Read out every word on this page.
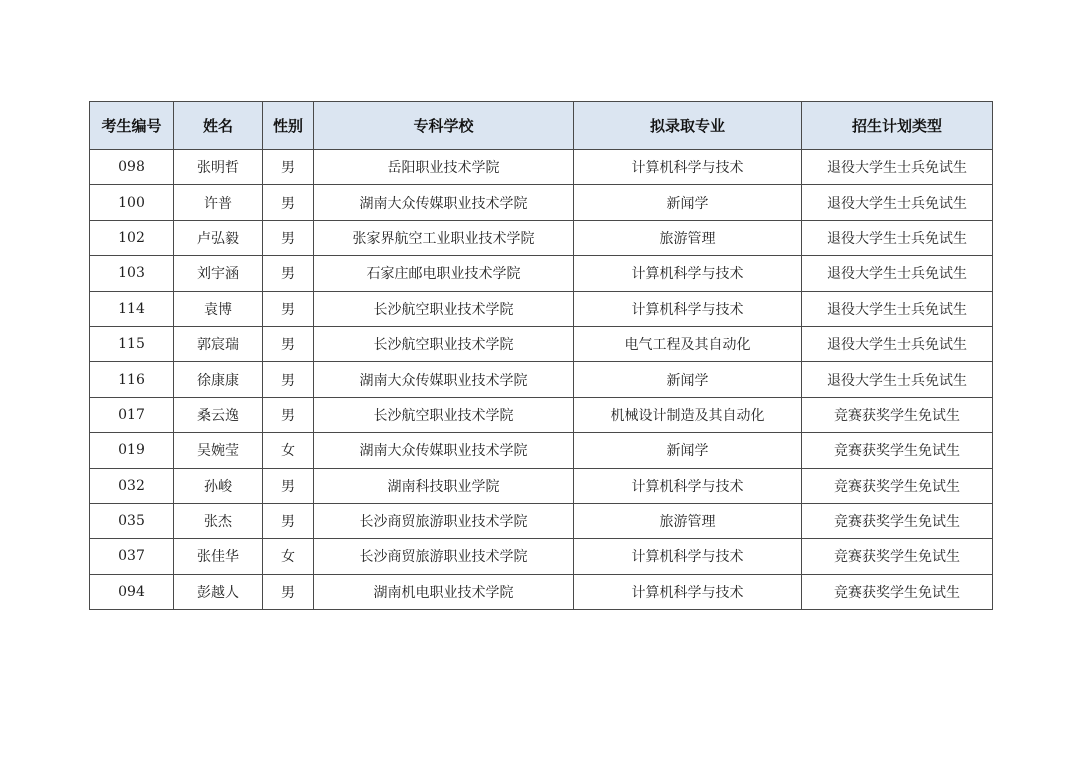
考生编号	姓名	性别	专科学校	拟录取专业	招生计划类型
098	张明哲	男	岳阳职业技术学院	计算机科学与技术	退役大学生士兵免试生
100	许普	男	湖南大众传媒职业技术学院	新闻学	退役大学生士兵免试生
102	卢弘毅	男	张家界航空工业职业技术学院	旅游管理	退役大学生士兵免试生
103	刘宇涵	男	石家庄邮电职业技术学院	计算机科学与技术	退役大学生士兵免试生
114	袁博	男	长沙航空职业技术学院	计算机科学与技术	退役大学生士兵免试生
115	郭宸瑞	男	长沙航空职业技术学院	电气工程及其自动化	退役大学生士兵免试生
116	徐康康	男	湖南大众传媒职业技术学院	新闻学	退役大学生士兵免试生
017	桑云逸	男	长沙航空职业技术学院	机械设计制造及其自动化	竞赛获奖学生免试生
019	吴婉莹	女	湖南大众传媒职业技术学院	新闻学	竞赛获奖学生免试生
032	孙峻	男	湖南科技职业学院	计算机科学与技术	竞赛获奖学生免试生
035	张杰	男	长沙商贸旅游职业技术学院	旅游管理	竞赛获奖学生免试生
037	张佳华	女	长沙商贸旅游职业技术学院	计算机科学与技术	竞赛获奖学生免试生
094	彭越人	男	湖南机电职业技术学院	计算机科学与技术	竞赛获奖学生免试生
